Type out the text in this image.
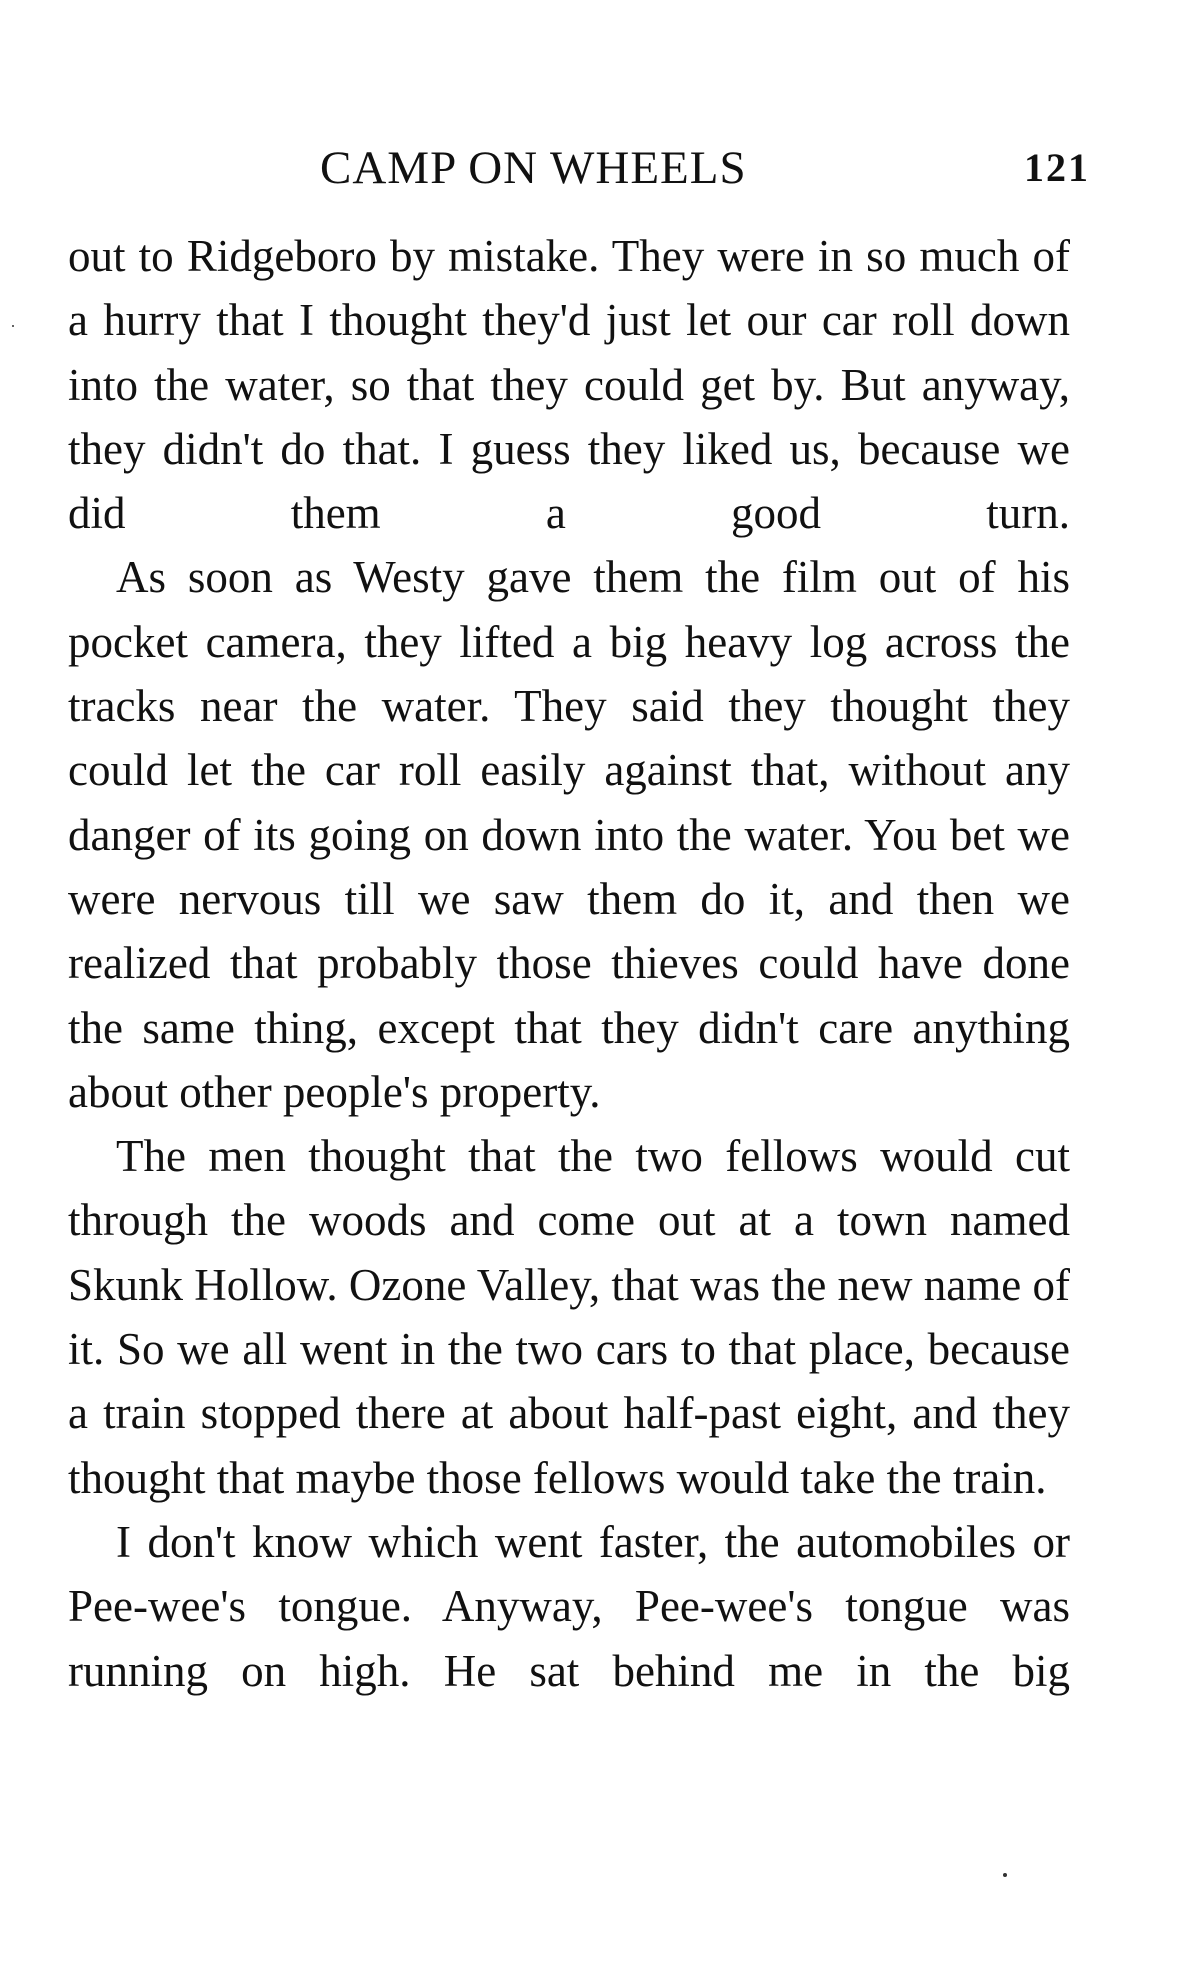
CAMP ON WHEELS	121

out to Ridgeboro by mistake. They were in so much of a hurry that I thought they'd just let our car roll down into the water, so that they could get by. But anyway, they didn't do that. I guess they liked us, because we did them a good turn.

As soon as Westy gave them the film out of his pocket camera, they lifted a big heavy log across the tracks near the water. They said they thought they could let the car roll easily against that, without any danger of its going on down into the water. You bet we were nervous till we saw them do it, and then we realized that probably those thieves could have done the same thing, except that they didn't care anything about other people's property.

The men thought that the two fellows would cut through the woods and come out at a town named Skunk Hollow. Ozone Valley, that was the new name of it. So we all went in the two cars to that place, because a train stopped there at about half-past eight, and they thought that maybe those fellows would take the train.

I don't know which went faster, the automobiles or Pee-wee's tongue. Anyway, Pee-wee's tongue was running on high. He sat behind me in the big
